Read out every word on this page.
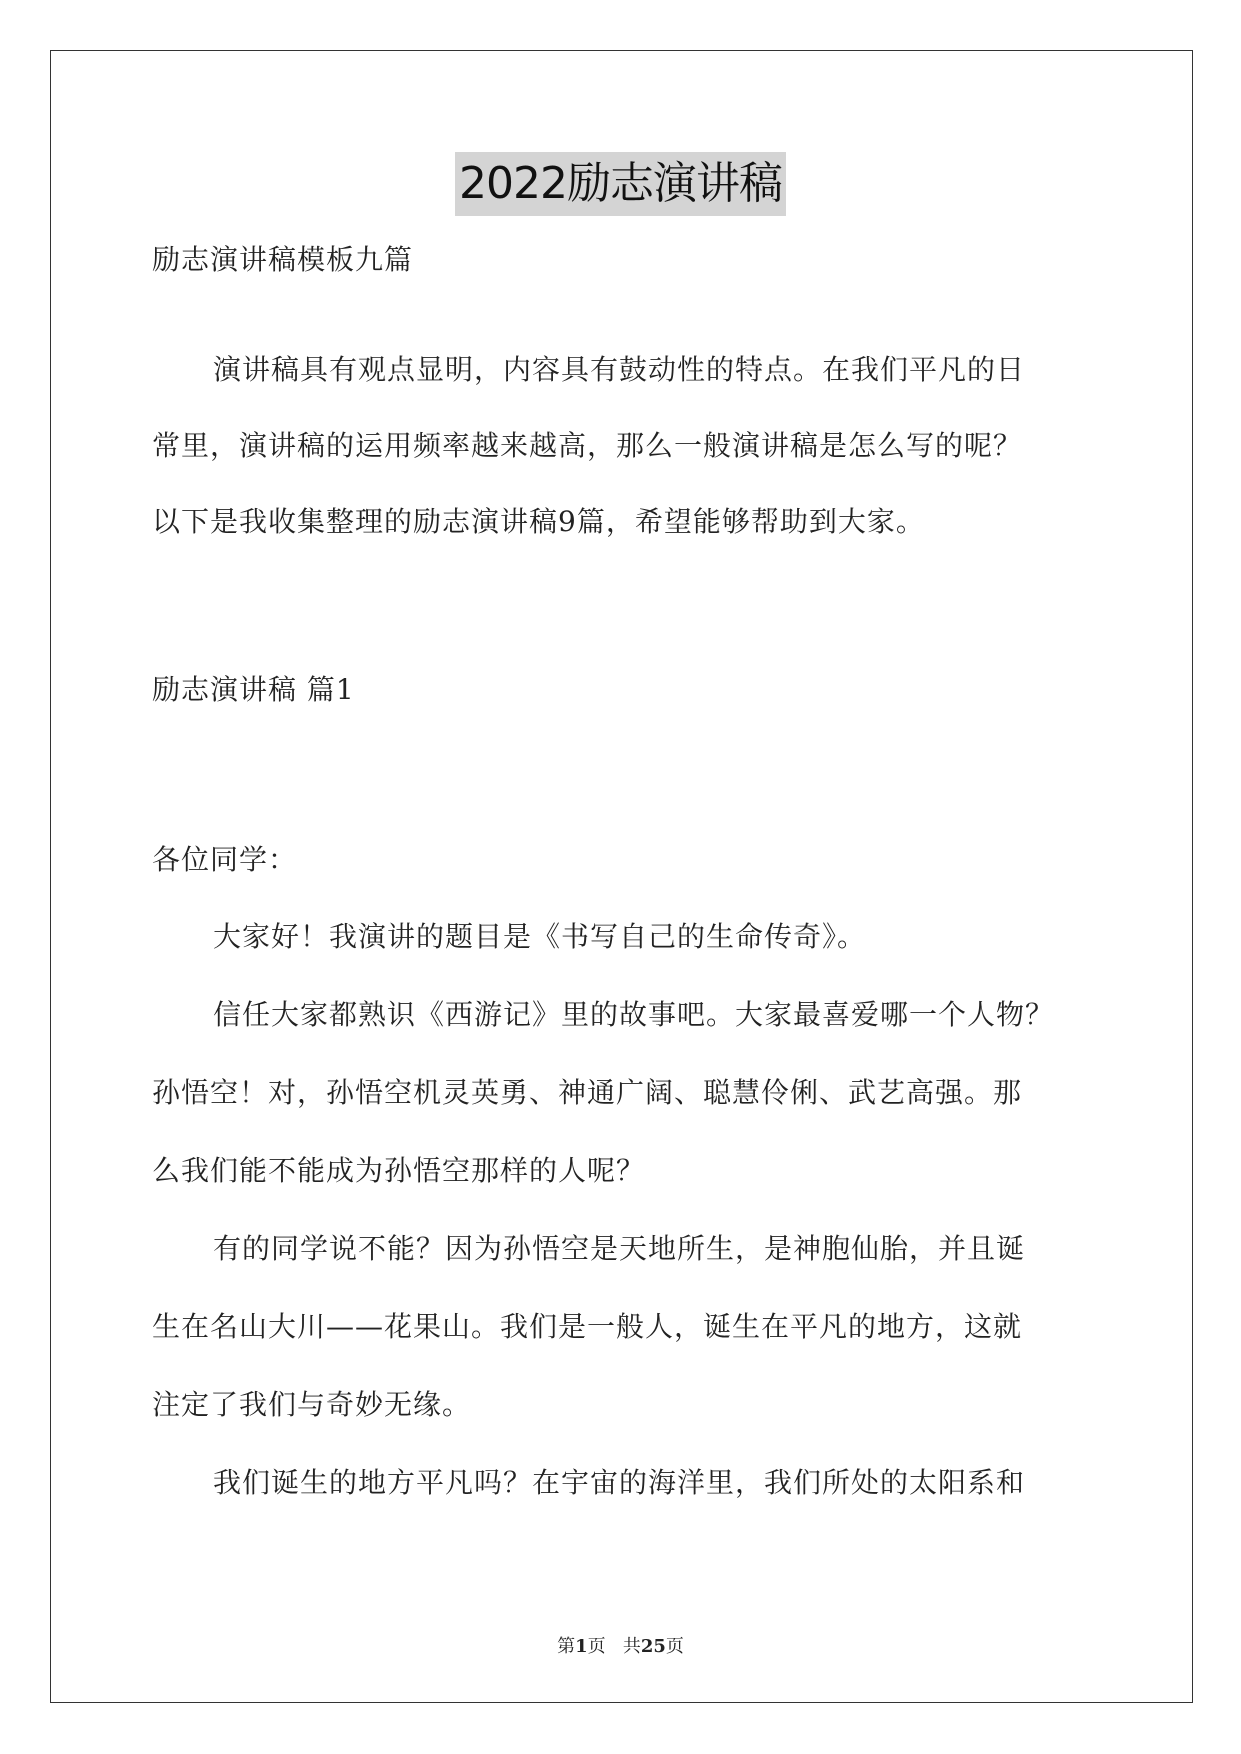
2022励志演讲稿
励志演讲稿模板九篇
演讲稿具有观点显明，内容具有鼓动性的特点。在我们平凡的日
常里，演讲稿的运用频率越来越高，那么一般演讲稿是怎么写的呢？
以下是我收集整理的励志演讲稿9篇，希望能够帮助到大家。
励志演讲稿 篇1
各位同学：
大家好！我演讲的题目是《书写自己的生命传奇》。
信任大家都熟识《西游记》里的故事吧。大家最喜爱哪一个人物？
孙悟空！对，孙悟空机灵英勇、神通广阔、聪慧伶俐、武艺高强。那
么我们能不能成为孙悟空那样的人呢？
有的同学说不能？因为孙悟空是天地所生，是神胞仙胎，并且诞
生在名山大川——花果山。我们是一般人，诞生在平凡的地方，这就
注定了我们与奇妙无缘。
我们诞生的地方平凡吗？在宇宙的海洋里，我们所处的太阳系和
第1页 共25页
